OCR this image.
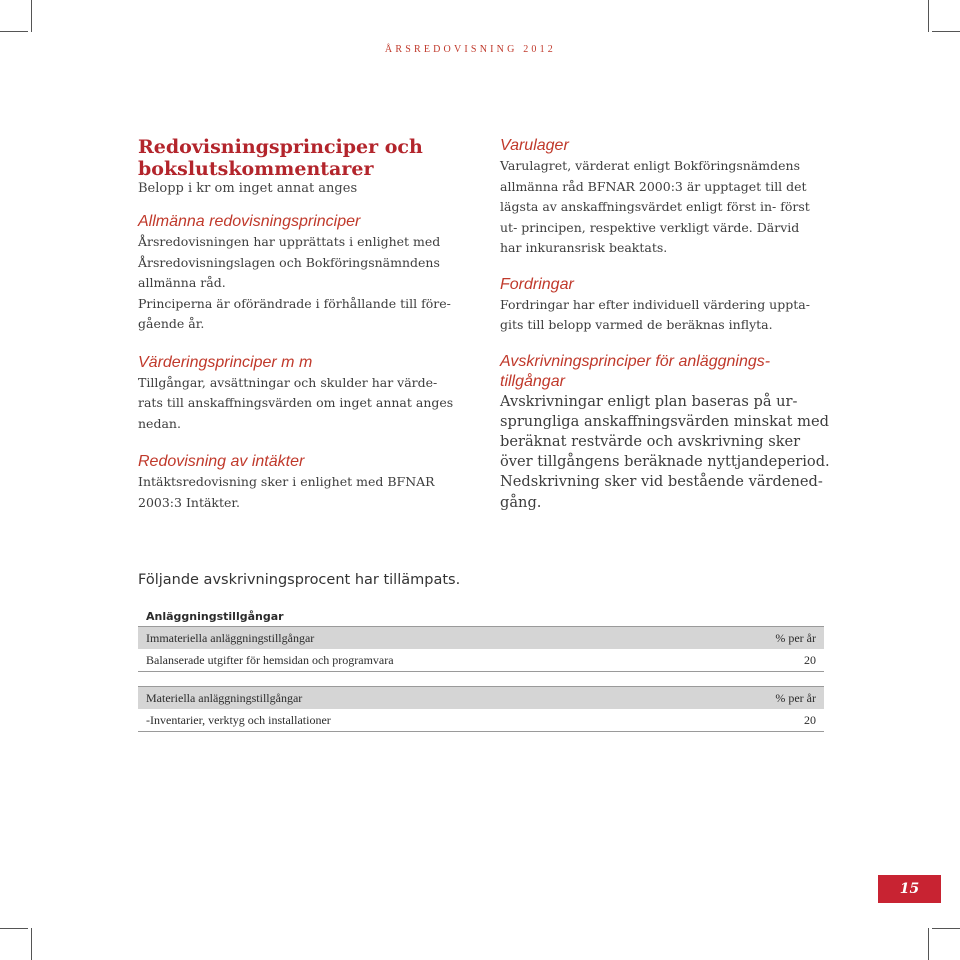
ÅRSREDOVISNING 2012
Redovisningsprinciper och
bokslutskommentarer

Belopp i kr om inget annat anges

Allmänna redovisningsprinciper

Årsredovisningen har upprättats i enlighet med
Årsredovisningslagen och Bokföringsnämndens
allmänna råd.
Principerna är oförändrade i förhållande till före-
gående år.

Värderingsprinciper m m

Tillgångar, avsättningar och skulder har värde-
rats till anskaffningsvärden om inget annat anges
nedan.

Redovisning av intäkter

Intäktsredovisning sker i enlighet med BFNAR
2003:3 Intäkter.

Varulager

Varulagret, värderat enligt Bokföringsnämdens
allmänna råd BFNAR 2000:3 är upptaget till det
lägsta av anskaffningsvärdet enligt först in- först
ut- principen, respektive verkligt värde. Därvid
har inkuransrisk beaktats.

Fordringar

Fordringar har efter individuell värdering uppta-
gits till belopp varmed de beräknas inflyta.

Avskrivningsprinciper för anläggnings-
tillgångar

Avskrivningar enligt plan baseras på ur-
sprungliga anskaffningsvärden minskat med
beräknat restvärde och avskrivning sker
över tillgångens beräknade nyttjandeperiod.
Nedskrivning sker vid bestående värdened-
gång.

Följande avskrivningsprocent har tillämpats.
Anläggningstillgångar
Immateriella anläggningstillgångar	% per år
Balanserade utgifter för hemsidan och programvara	20
Materiella anläggningstillgångar	% per år
-Inventarier, verktyg och installationer	20
15
